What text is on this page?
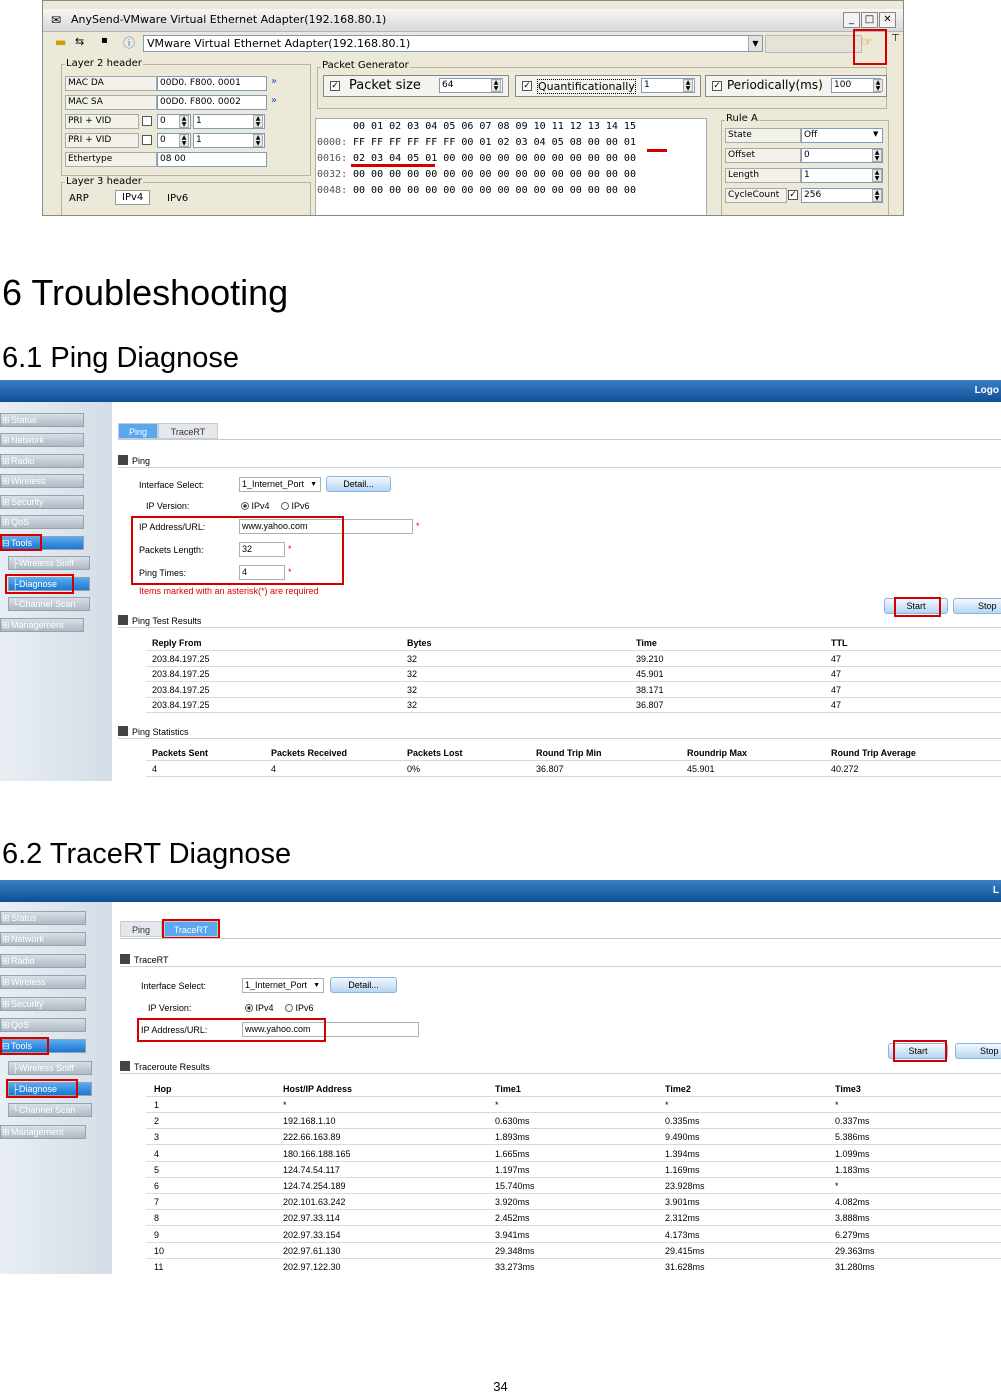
✉ AnySend-VMware Virtual Ethernet Adapter(192.168.80.1)	_	□ ✕
▬ ⇆ ▪ ⓘ	VMware Virtual Ethernet Adapter(192.168.80.1)	▼	☞ ⊤
Layer 2 header
MAC DA	00D0. F800. 0001	»
MAC SA	00D0. F800. 0002	»
PRI + VID	0	▲
▼	1	▲
▼
PRI + VID	0	▲
▼	1	▲
▼
Ethertype	08 00
Layer 3 header
ARP	IPv4	IPv6
Packet Generator
✓ Packet size	64	▲
▼	✓ Quantificationally	1	▲
▼	✓ Periodically(ms)	100	▲
▼
00 01 02 03 04 05 06 07 08 09 10 11 12 13 14 15
0000: FF FF FF FF FF FF 00 01 02 03 04 05 08 00 00 01
0016: 02 03 04 05 01 00 00 00 00 00 00 00 00 00 00 00
0032: 00 00 00 00 00 00 00 00 00 00 00 00 00 00 00 00
0048: 00 00 00 00 00 00 00 00 00 00 00 00 00 00 00 00
Rule A
State	Off	▼
Offset	0	▲
▼
Length	1	▲
▼
CycleCount	✓ 256	▲
▼
6 Troubleshooting
6.1 Ping Diagnose
Logo
⊞ Status
⊞ Network
⊞ Radio
⊞ Wireless
⊞ Security
⊞ QoS
⊟ Tools
├ Wireless Sniff
├ Diagnose
└ Channel Scan
⊞ Management
Ping	TraceRT
Ping
Interface Select:	1_Internet_Port ▼	Detail...
IP Version:	IPv4	IPv6
IP Address/URL:	www.yahoo.com	*
Packets Length:	32	*
Ping Times:	4	*
Items marked with an asterisk(*) are required
Start	Stop
Ping Test Results
Reply From	Bytes	Time	TTL
203.84.197.25	32	39.210	47
203.84.197.25	32	45.901	47
203.84.197.25	32	38.171	47
203.84.197.25	32	36.807	47
Ping Statistics
Packets Sent	Packets Received	Packets Lost	Round Trip Min	Roundrip Max	Round Trip Average
4	4	0%	36.807	45.901	40.272
6.2 TraceRT Diagnose
L
⊞ Status
⊞ Network
⊞ Radio
⊞ Wireless
⊞ Security
⊞ QoS
⊟ Tools
├ Wireless Sniff
├ Diagnose
└ Channel Scan
⊞ Management
Ping	TraceRT
TraceRT
Interface Select:	1_Internet_Port ▼	Detail...
IP Version:	IPv4	IPv6
IP Address/URL:	www.yahoo.com
Start	Stop
Traceroute Results
Hop	Host/IP Address	Time1	Time2	Time3
1	*	*	*	*
2	192.168.1.10	0.630ms	0.335ms	0.337ms
3	222.66.163.89	1.893ms	9.490ms	5.386ms
4	180.166.188.165	1.665ms	1.394ms	1.099ms
5	124.74.54.117	1.197ms	1.169ms	1.183ms
6	124.74.254.189	15.740ms	23.928ms	*
7	202.101.63.242	3.920ms	3.901ms	4.082ms
8	202.97.33.114	2.452ms	2.312ms	3.888ms
9	202.97.33.154	3.941ms	4.173ms	6.279ms
10	202.97.61.130	29.348ms	29.415ms	29.363ms
11	202.97.122.30	33.273ms	31.628ms	31.280ms
34
